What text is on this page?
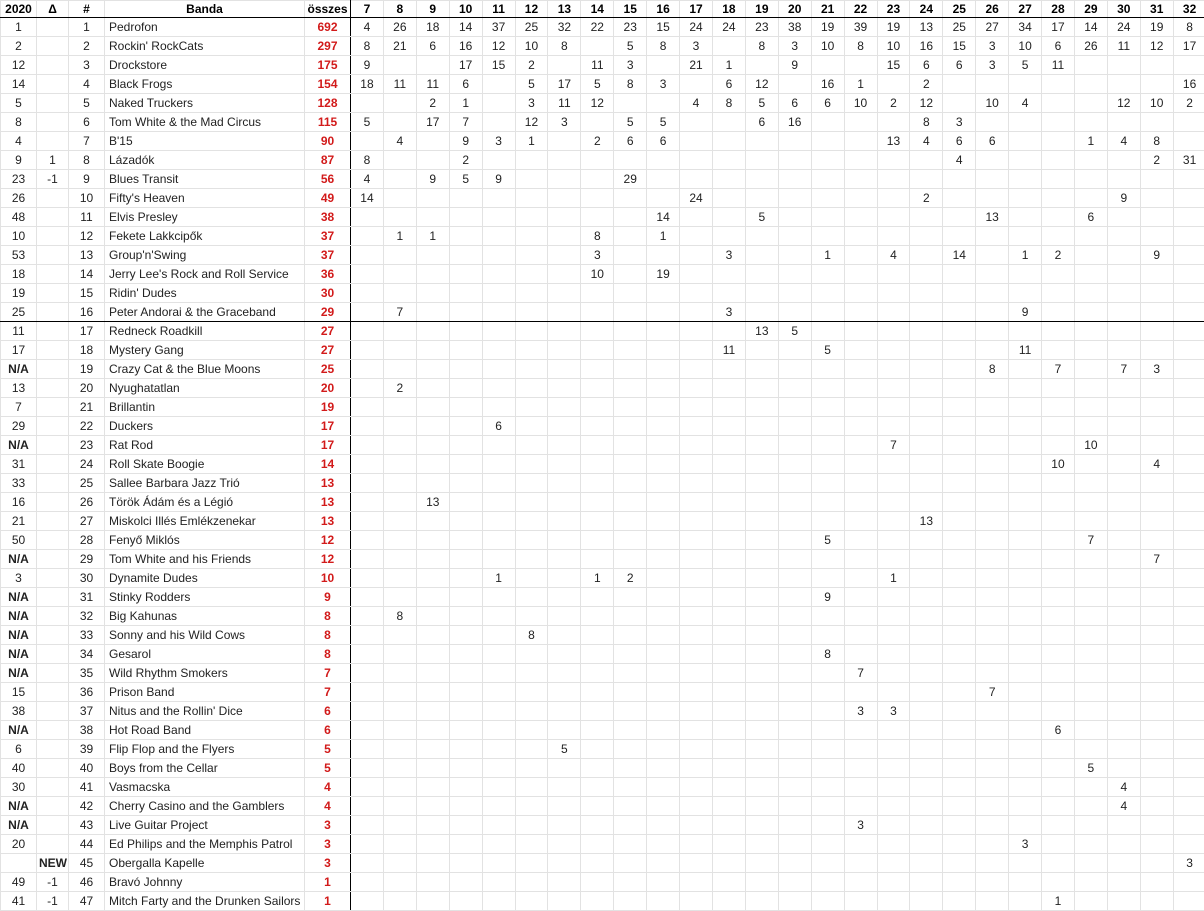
2020	Δ	#	Banda	összes	7	8	9	10	11	12	13	14	15	16	17	18	19	20	21	22	23	24	25	26	27	28	29	30	31	32
1		1	Pedrofon	692	4	26	18	14	37	25	32	22	23	15	24	24	23	38	19	39	19	13	25	27	34	17	14	24	19	8
2		2	Rockin' RockCats	297	8	21	6	16	12	10	8		5	8	3		8	3	10	8	10	16	15	3	10	6	26	11	12	17
12		3	Drockstore	175	9			17	15	2		11	3		21	1		9			15	6	6	3	5	11				
14		4	Black Frogs	154	18	11	11	6		5	17	5	8	3		6	12		16	1		2								16
5		5	Naked Truckers	128			2	1		3	11	12			4	8	5	6	6	10	2	12		10	4			12	10	2
8		6	Tom White & the Mad Circus	115	5		17	7		12	3		5	5			6	16				8	3							
4		7	B'15	90		4		9	3	1		2	6	6							13	4	6	6			1	4	8	
9	1	8	Lázadók	87	8			2															4						2	31
23	-1	9	Blues Transit	56	4		9	5	9				29																	
26		10	Fifty's Heaven	49	14										24							2						9		
48		11	Elvis Presley	38										14			5							13			6			
10		12	Fekete Lakkcipők	37		1	1					8		1																
53		13	Group'n'Swing	37								3				3			1		4		14		1	2			9	
18		14	Jerry Lee's Rock and Roll Service	36								10		19																
19		15	Ridin' Dudes	30																										
25		16	Peter Andorai & the Graceband	29		7										3									9					
11		17	Redneck Roadkill	27													13	5												
17		18	Mystery Gang	27												11			5						11					
N/A		19	Crazy Cat & the Blue Moons	25																				8		7		7	3	
13		20	Nyughatatlan	20		2																								
7		21	Brillantin	19																										
29		22	Duckers	17					6																					
N/A		23	Rat Rod	17																	7						10			
31		24	Roll Skate Boogie	14																						10			4	
33		25	Sallee Barbara Jazz Trió	13																										
16		26	Török Ádám és a Légió	13			13																							
21		27	Miskolci Illés Emlékzenekar	13																		13								
50		28	Fenyő Miklós	12															5								7			
N/A		29	Tom White and his Friends	12																									7	
3		30	Dynamite Dudes	10					1			1	2								1									
N/A		31	Stinky Rodders	9															9											
N/A		32	Big Kahunas	8		8																								
N/A		33	Sonny and his Wild Cows	8						8																				
N/A		34	Gesarol	8															8											
N/A		35	Wild Rhythm Smokers	7																7										
15		36	Prison Band	7																				7						
38		37	Nitus and the Rollin' Dice	6																3	3									
N/A		38	Hot Road Band	6																						6				
6		39	Flip Flop and the Flyers	5							5																			
40		40	Boys from the Cellar	5																							5			
30		41	Vasmacska	4																								4		
N/A		42	Cherry Casino and the Gamblers	4																								4		
N/A		43	Live Guitar Project	3																3										
20		44	Ed Philips and the Memphis Patrol	3																					3					
	NEW	45	Obergalla Kapelle	3																										3
49	-1	46	Bravó Johnny	1																										
41	-1	47	Mitch Farty and the Drunken Sailors	1																						1				
